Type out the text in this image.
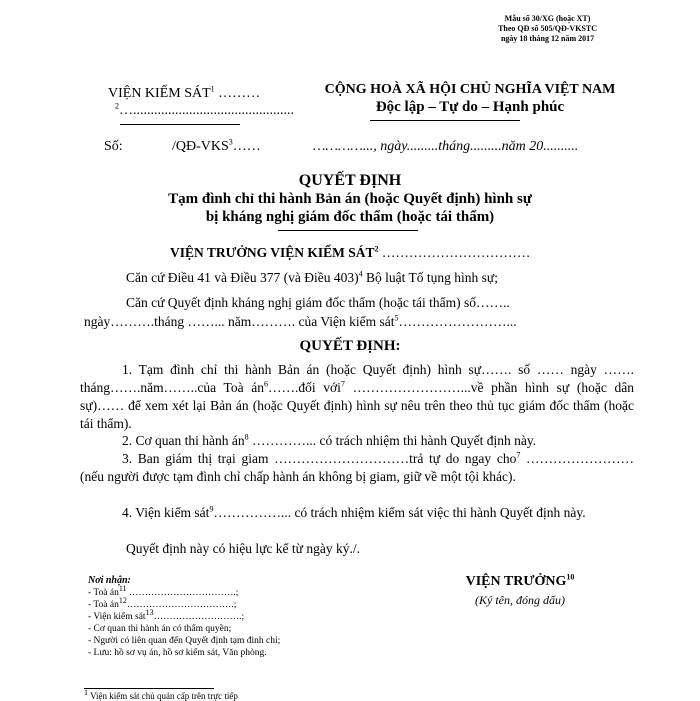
Mẫu số 30/XG (hoặc XT)
Theo QĐ số 505/QĐ-VKSTC
ngày 18 tháng 12 năm 2017
VIỆN KIỂM SÁT$^1$ ………
$^2$…..............................................
CỘNG HOÀ XÃ HỘI CHỦ NGHĨA VIỆT NAM
Độc lập – Tự do – Hạnh phúc
Số:	/QĐ-VKS$^3$……	…………..., ngày.........tháng.........năm 20..........
QUYẾT ĐỊNH
Tạm đình chỉ thi hành Bản án (hoặc Quyết định) hình sự
bị kháng nghị giám đốc thẩm (hoặc tái thẩm)
VIỆN TRƯỞNG VIỆN KIỂM SÁT$^2$ ……………………………
Căn cứ Điều 41 và Điều 377 (và Điều 403)$^4$ Bộ luật Tố tụng hình sự;
Căn cứ Quyết định kháng nghị giám đốc thẩm (hoặc tái thẩm) số……..
ngày……….tháng ……... năm………. của Viện kiểm sát$^5$……………………...
QUYẾT ĐỊNH:
1. Tạm đình chỉ thi hành Bản án (hoặc Quyết định) hình sự……. số …… ngày ……. tháng…….năm……..của Toà $án^6\dots\dots.đối$ với$^7$ ……………………...về phần hình sự (hoặc dân sự)…… để xem xét lại Bản án (hoặc Quyết định) hình sự nêu trên theo thủ tục giám đốc thẩm (hoặc tái thẩm).
2. Cơ quan thi hành $án^8$ …………... có trách nhiệm thi hành Quyết định này.
3. Ban giám thị trại giam …………………………trả tự do ngay cho$^7$ …………………… (nếu người được tạm đình chỉ chấp hành án không bị giam, giữ về một tội khác).
4. Viện kiểm sát$^9$……………... có trách nhiệm kiểm sát việc thi hành Quyết định này.
Quyết định này có hiệu lực kể từ ngày ký./.
Nơi nhận:
- Toà $án^{11}$ …………………………….;
- Toà $án^{12}\dots\dots\dots\dots\dots\dots\dots\dots\dots\dots\dots$.;
- Viện kiểm sát$^{13}$……………………….;
- Cơ quan thi hành án có thẩm quyền;
- Người có liên quan đến Quyết định tạm đình chỉ;
- Lưu: hồ sơ vụ án, hồ sơ kiểm sát, Văn phòng.
VIỆN TRƯỞNG$^{10}$
(Ký tên, đóng dấu)
$^1$ Viện kiểm sát chủ quản cấp trên trực tiếp
